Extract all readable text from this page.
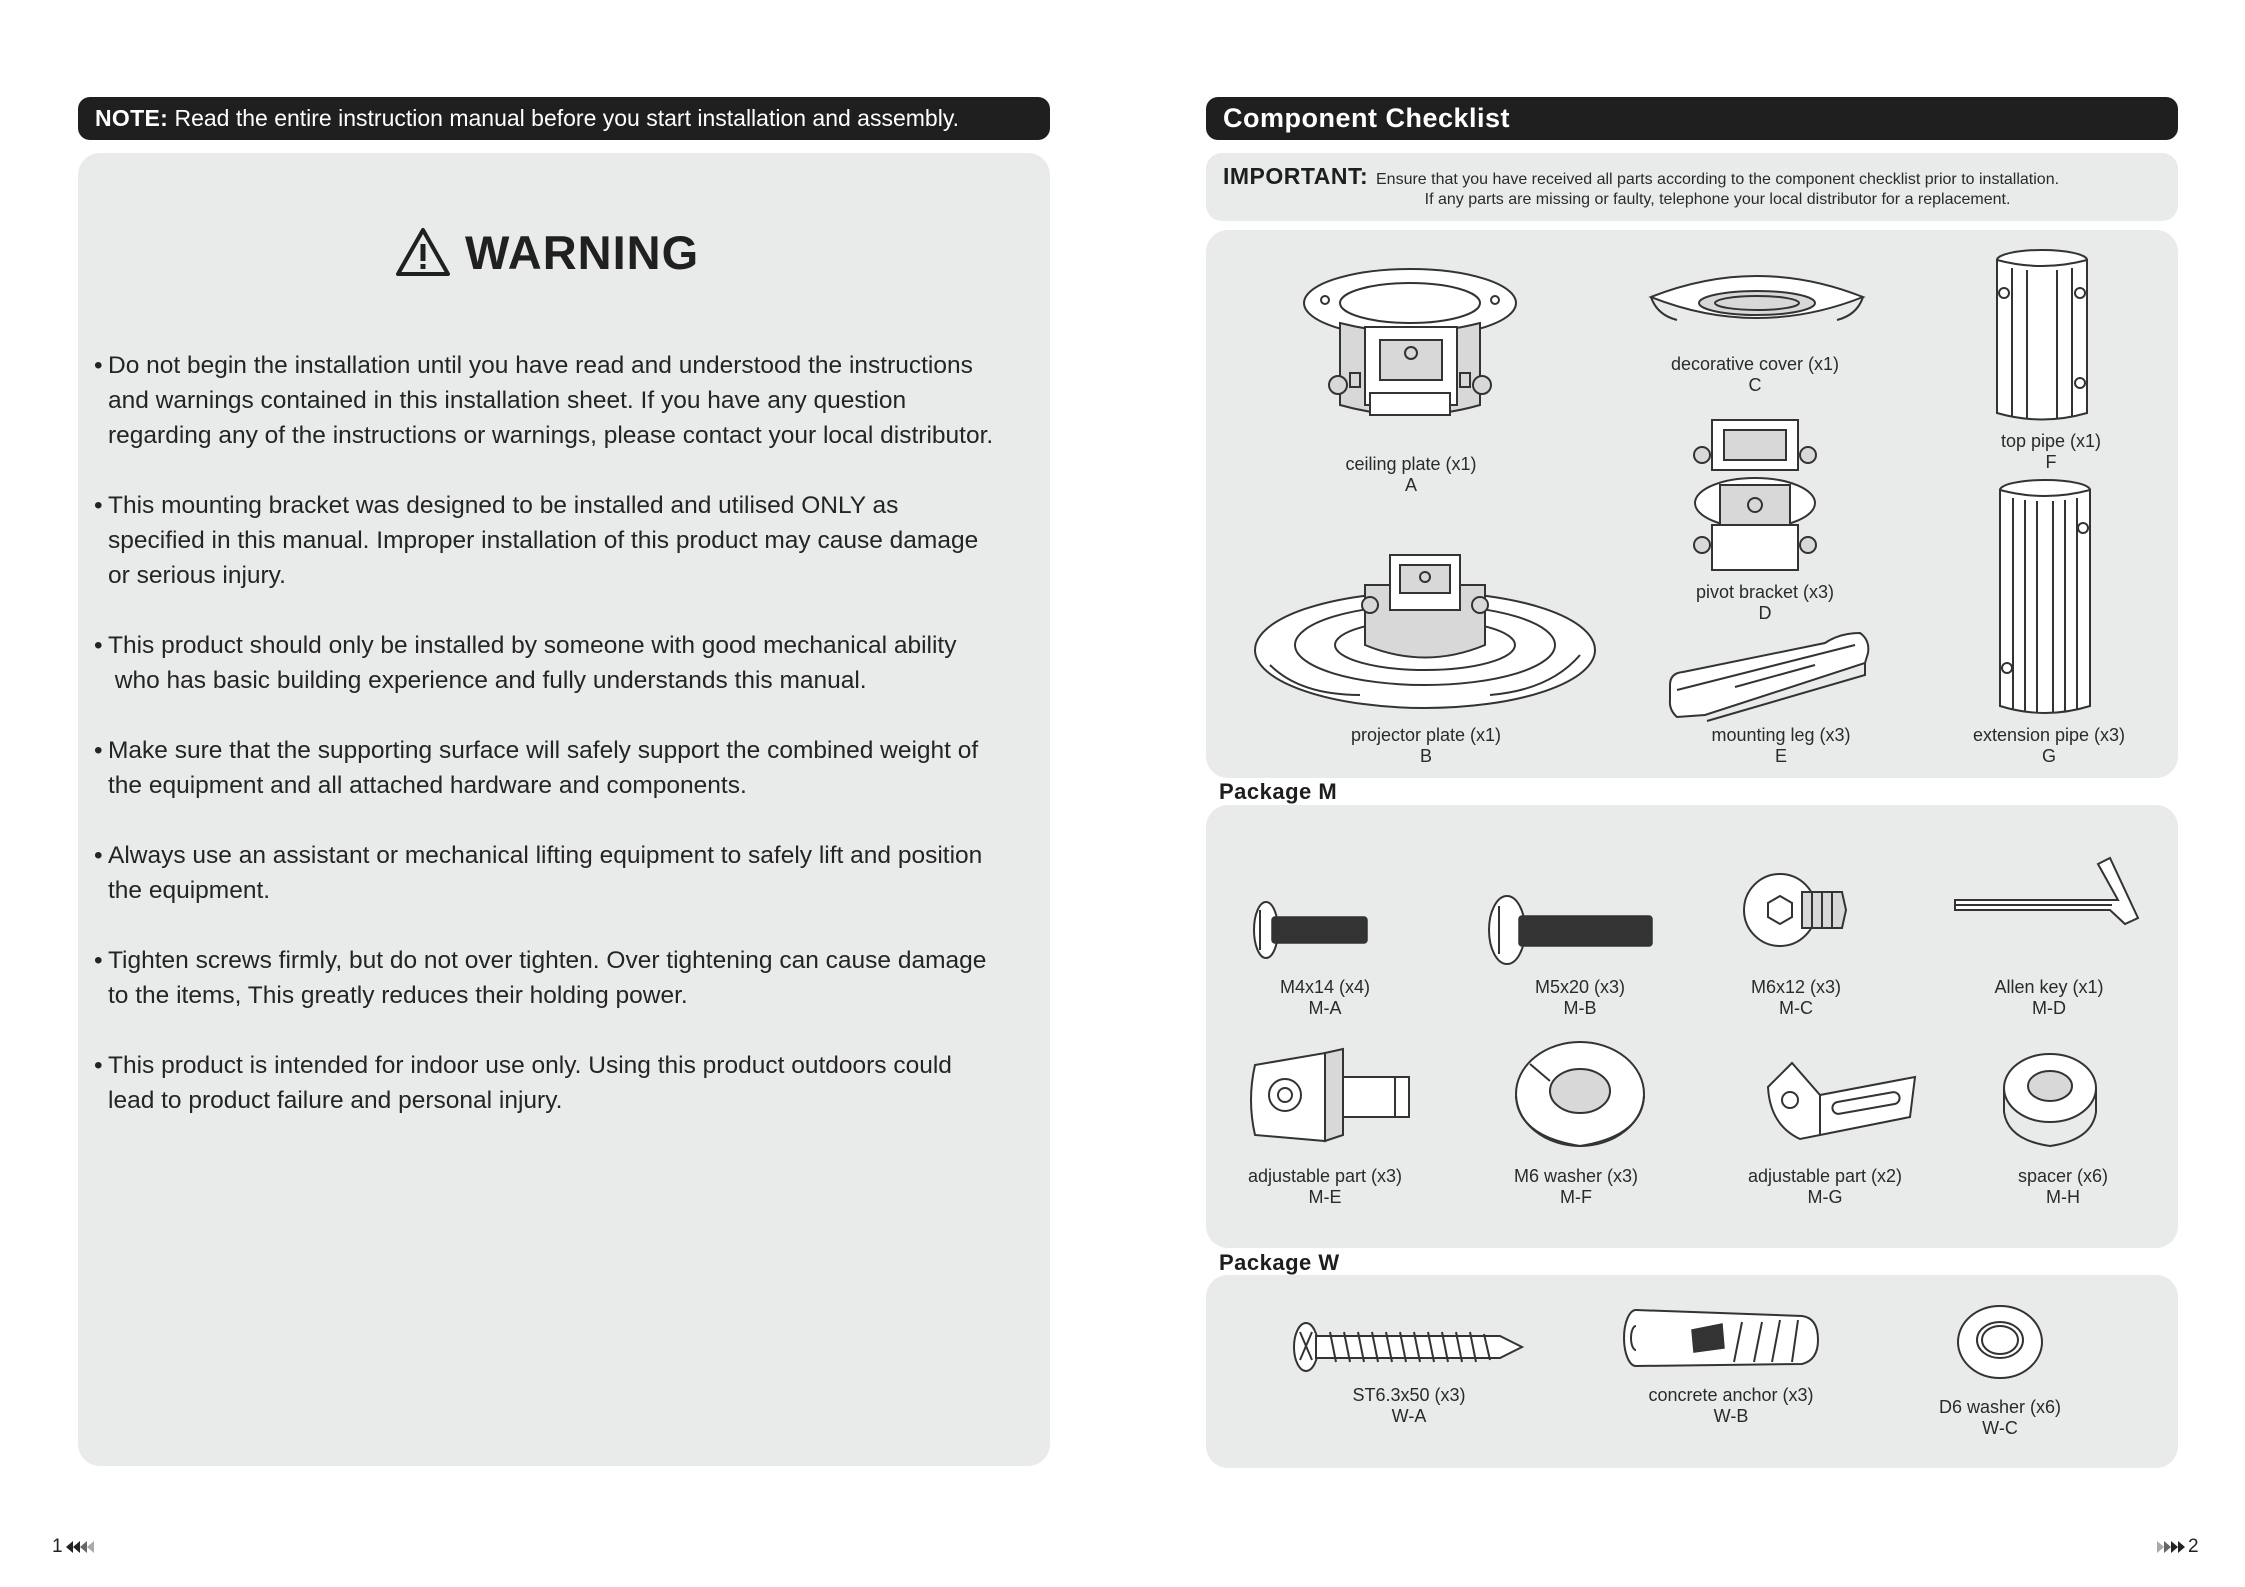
NOTE: Read the entire instruction manual before you start installation and assembly.
WARNING
• Do not begin the installation until you have read and understood the instructions
and warnings contained in this installation sheet. If you have any question
regarding any of the instructions or warnings, please contact your local distributor.
• This mounting bracket was designed to be installed and utilised ONLY as
specified in this manual. Improper installation of this product may cause damage
or serious injury.
• This product should only be installed by someone with good mechanical ability
who has basic building experience and fully understands this manual.
• Make sure that the supporting surface will safely support the combined weight of
the equipment and all attached hardware and components.
• Always use an assistant or mechanical lifting equipment to safely lift and position
the equipment.
• Tighten screws firmly, but do not over tighten. Over tightening can cause damage
to the items, This greatly reduces their holding power.
• This product is intended for indoor use only. Using this product outdoors could
lead to product failure and personal injury.
1
Component Checklist
IMPORTANT: Ensure that you have received all parts according to the component checklist prior to installation.
If any parts are missing or faulty, telephone your local distributor for a replacement.
ceiling plate (x1)
A
projector plate (x1)
B
decorative cover (x1)
C
pivot bracket (x3)
D
mounting leg (x3)
E
top pipe (x1)
F
extension pipe (x3)
G
Package M
M4x14 (x4)
M-A
M5x20 (x3)
M-B
M6x12 (x3)
M-C
Allen key (x1)
M-D
adjustable part (x3)
M-E
M6 washer (x3)
M-F
adjustable part (x2)
M-G
spacer (x6)
M-H
Package W
ST6.3x50 (x3)
W-A
concrete anchor (x3)
W-B	D6 washer (x6)
W-C
2
